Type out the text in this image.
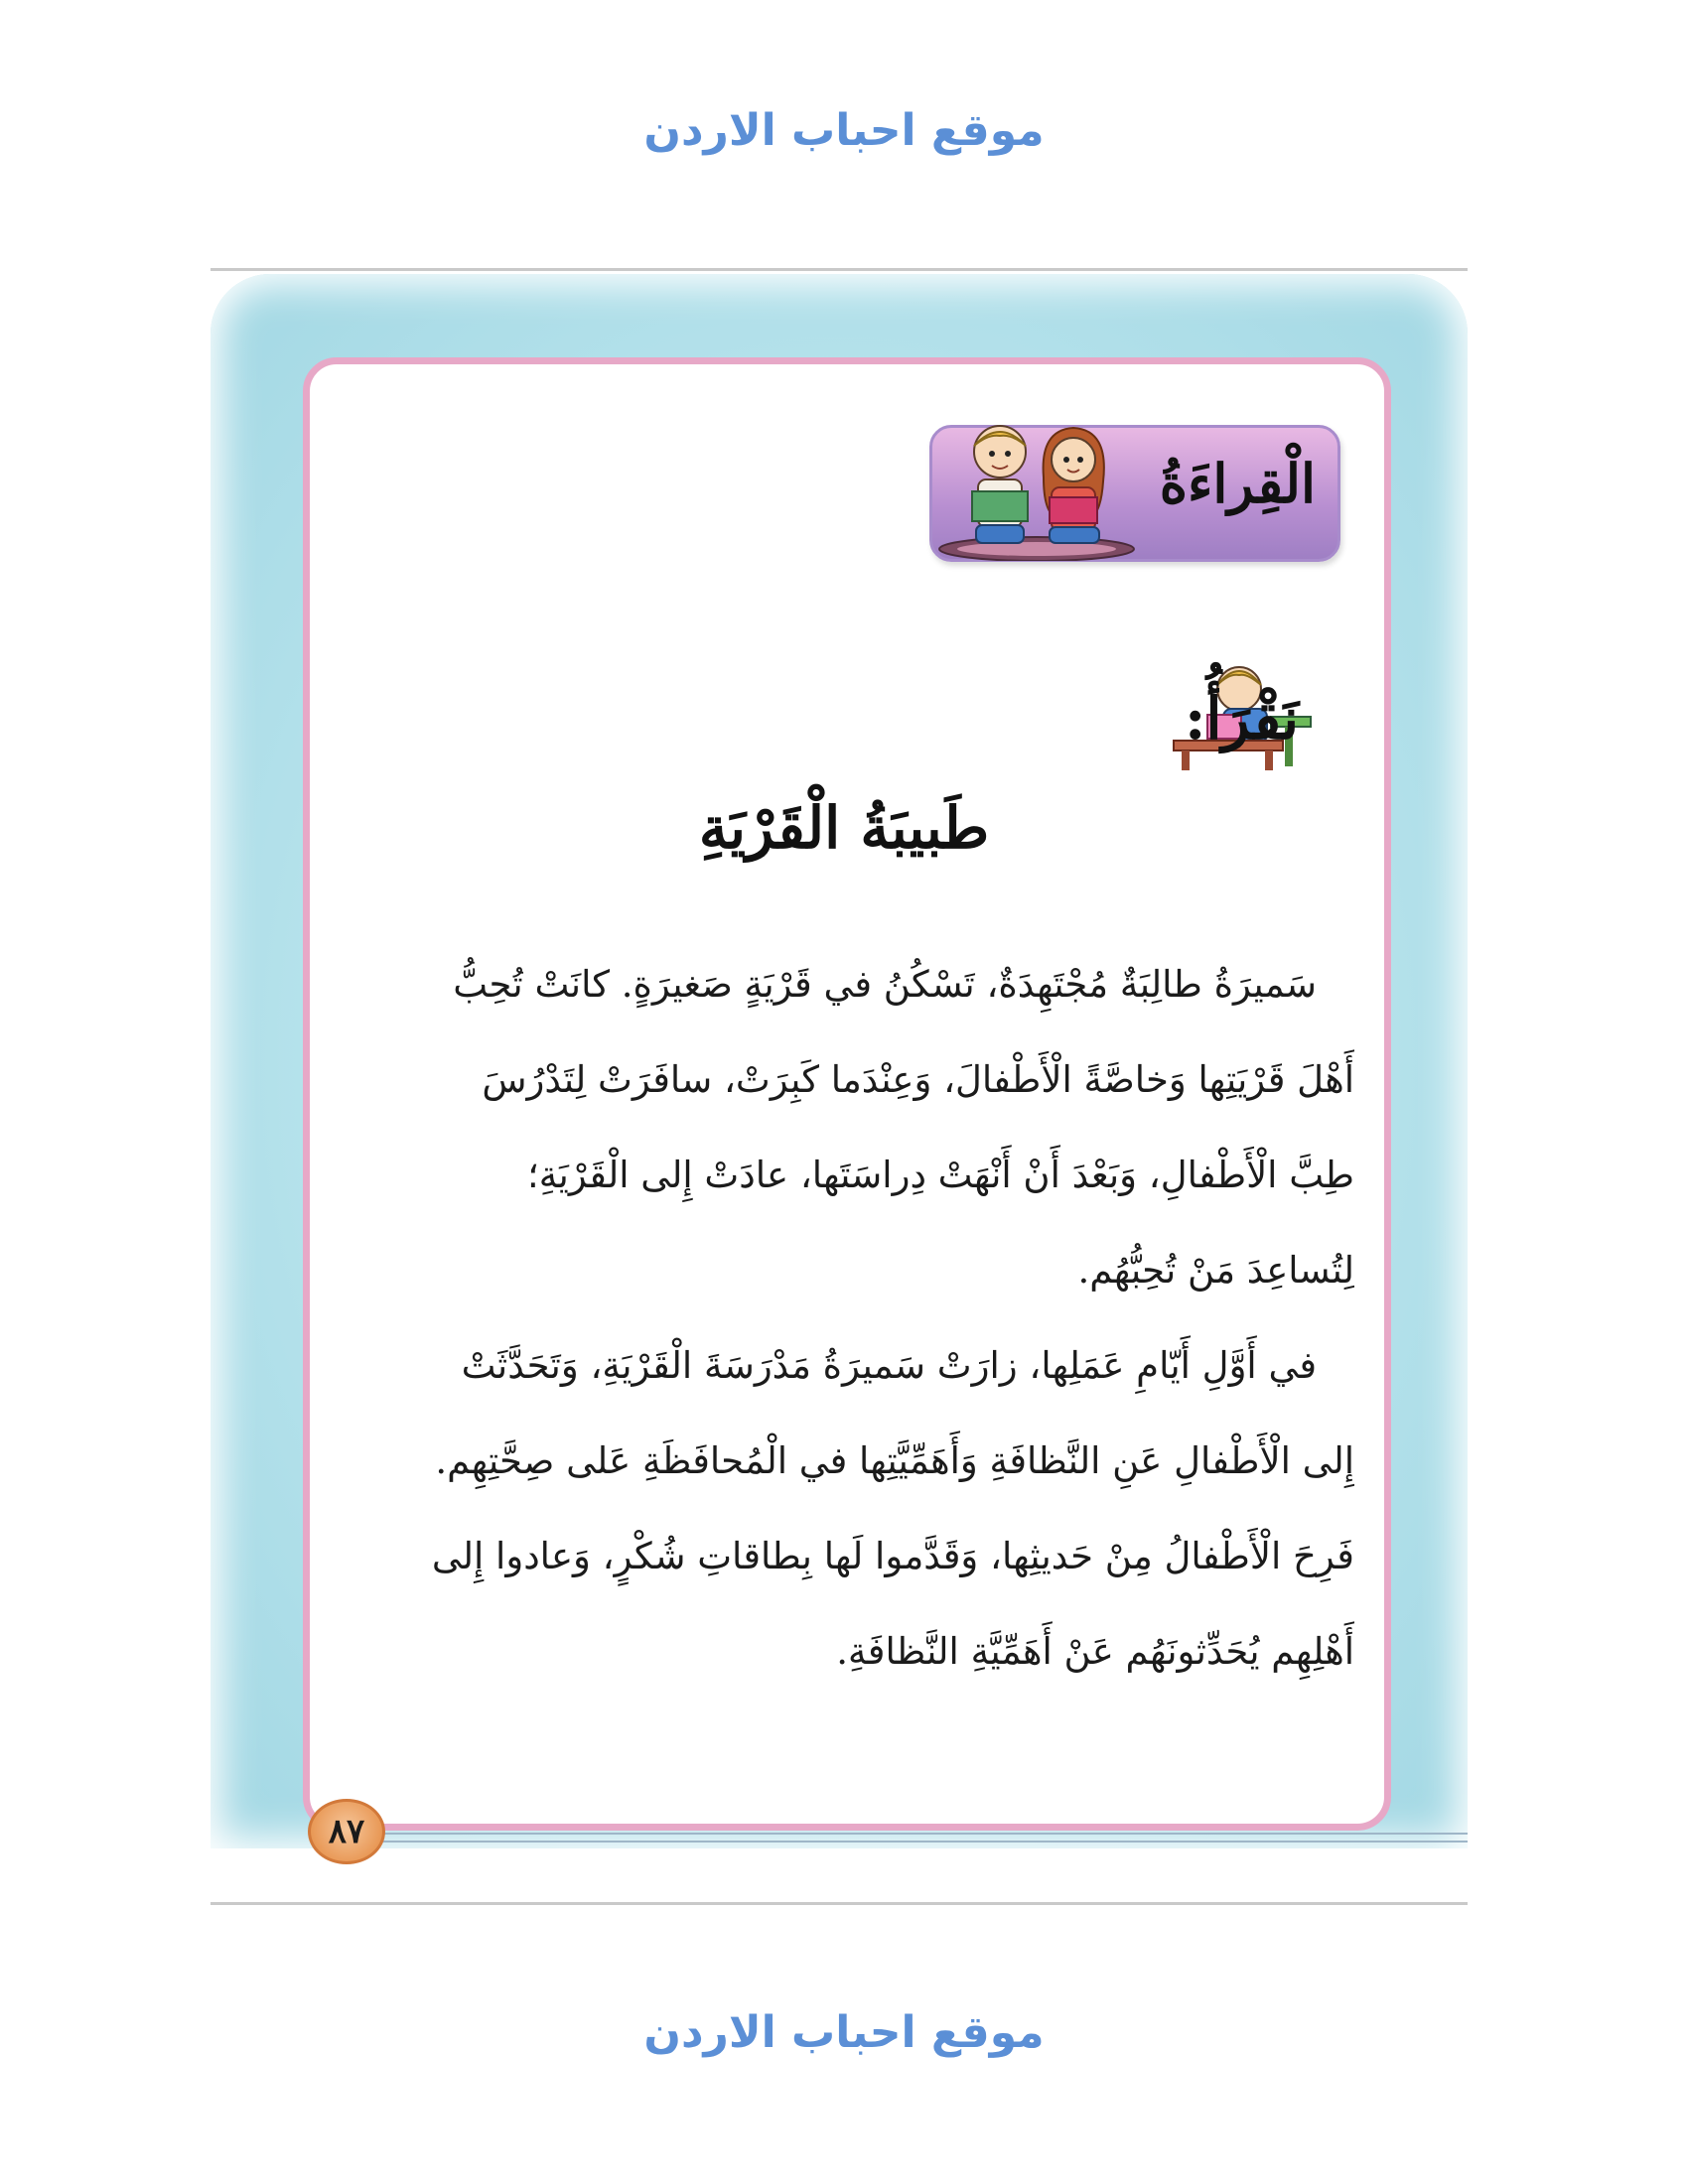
موقع احباب الاردن
الْقِراءَةُ
نَقْرَأُ:
طَبيبَةُ الْقَرْيَةِ
سَميرَةُ طالِبَةٌ مُجْتَهِدَةٌ، تَسْكُنُ في قَرْيَةٍ صَغيرَةٍ. كانَتْ تُحِبُّ
أَهْلَ قَرْيَتِها وَخاصَّةً الْأَطْفالَ، وَعِنْدَما كَبِرَتْ، سافَرَتْ لِتَدْرُسَ
طِبَّ الْأَطْفالِ، وَبَعْدَ أَنْ أَنْهَتْ دِراسَتَها، عادَتْ إِلى الْقَرْيَةِ؛
لِتُساعِدَ مَنْ تُحِبُّهُم.
في أَوَّلِ أَيّامِ عَمَلِها، زارَتْ سَميرَةُ مَدْرَسَةَ الْقَرْيَةِ، وَتَحَدَّثَتْ
إِلى الْأَطْفالِ عَنِ النَّظافَةِ وَأَهَمِّيَّتِها في الْمُحافَظَةِ عَلى صِحَّتِهِم.
فَرِحَ الْأَطْفالُ مِنْ حَديثِها، وَقَدَّموا لَها بِطاقاتِ شُكْرٍ، وَعادوا إِلى
أَهْلِهِم يُحَدِّثونَهُم عَنْ أَهَمِّيَّةِ النَّظافَةِ.
٨٧
موقع احباب الاردن
